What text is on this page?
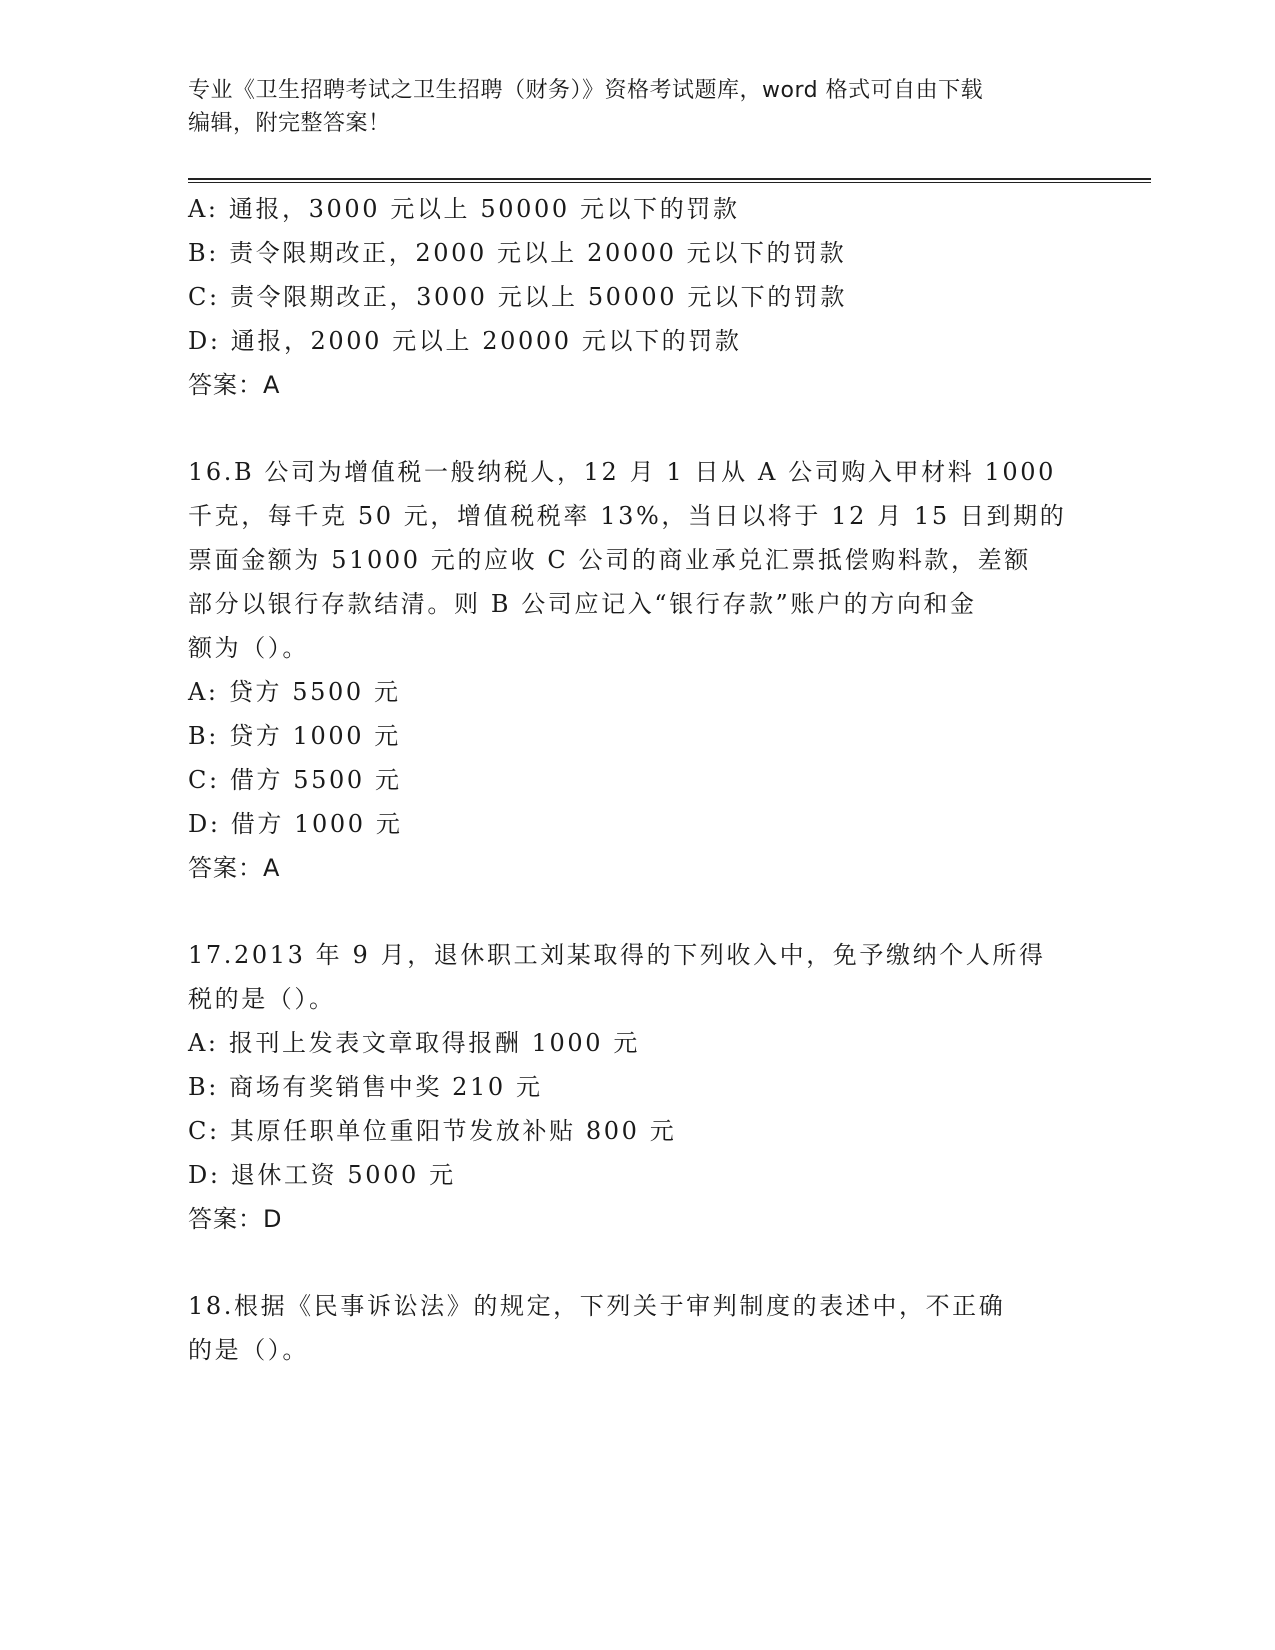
专业《卫生招聘考试之卫生招聘（财务）》资格考试题库，word 格式可自由下载
编辑，附完整答案！
A: 通报，3000 元以上 50000 元以下的罚款
B: 责令限期改正，2000 元以上 20000 元以下的罚款
C: 责令限期改正，3000 元以上 50000 元以下的罚款
D: 通报，2000 元以上 20000 元以下的罚款
答案：A
16.B 公司为增值税一般纳税人，12 月 1 日从 A 公司购入甲材料 1000
千克，每千克 50 元，增值税税率 13%，当日以将于 12 月 15 日到期的
票面金额为 51000 元的应收 C 公司的商业承兑汇票抵偿购料款，差额
部分以银行存款结清。则 B 公司应记入“银行存款”账户的方向和金
额为（）。
A: 贷方 5500 元
B: 贷方 1000 元
C: 借方 5500 元
D: 借方 1000 元
答案：A
17.2013 年 9 月，退休职工刘某取得的下列收入中，免予缴纳个人所得
税的是（）。
A: 报刊上发表文章取得报酬 1000 元
B: 商场有奖销售中奖 210 元
C: 其原任职单位重阳节发放补贴 800 元
D: 退休工资 5000 元
答案：D
18.根据《民事诉讼法》的规定，下列关于审判制度的表述中，不正确
的是（）。
